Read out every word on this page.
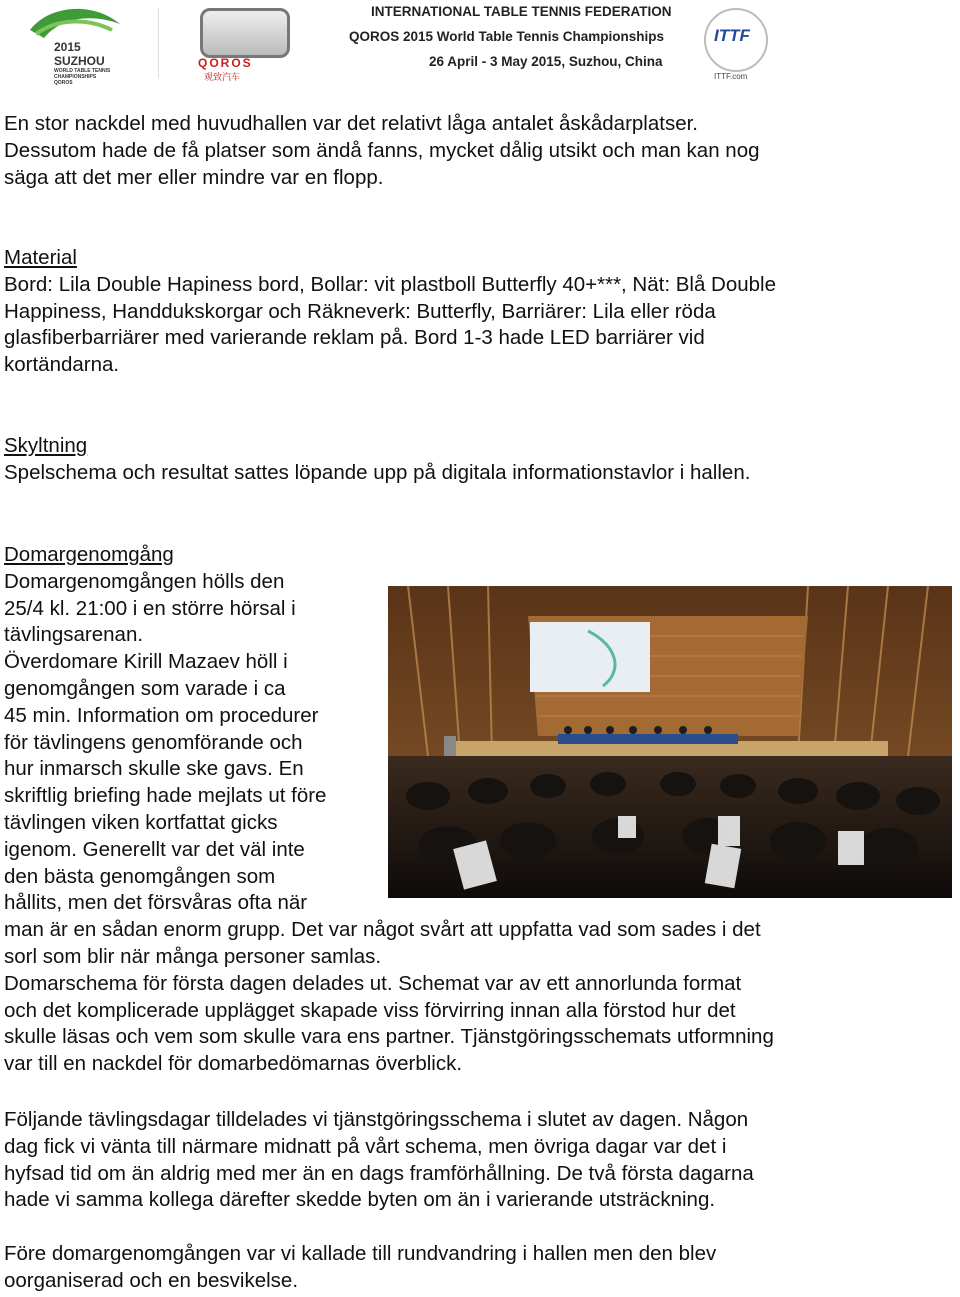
2015
SUZHOU
WORLD TABLE TENNIS
CHAMPIONSHIPS
QOROS
QOROS
观致汽车
INTERNATIONAL TABLE TENNIS FEDERATION
QOROS 2015 World Table Tennis Championships
26 April - 3 May 2015, Suzhou, China
ITTF
ITTF.com
En stor nackdel med huvudhallen var det relativt låga antalet åskådarplatser.
Dessutom hade de få platser som ändå fanns, mycket dålig utsikt och man kan nog
säga att det mer eller mindre var en flopp.
Material
Bord: Lila Double Hapiness bord, Bollar: vit plastboll Butterfly 40+***, Nät: Blå Double
Happiness, Handdukskorgar och Räkneverk: Butterfly, Barriärer: Lila eller röda
glasfiberbarriärer med varierande reklam på. Bord 1-3 hade LED barriärer vid
kortändarna.
Skyltning
Spelschema och resultat sattes löpande upp på digitala informationstavlor i hallen.
Domargenomgång
Domargenomgången hölls den
25/4 kl. 21:00 i en större hörsal i
tävlingsarenan.
Överdomare Kirill Mazaev höll i
genomgången som varade i ca
45 min. Information om procedurer
för tävlingens genomförande och
hur inmarsch skulle ske gavs. En
skriftlig briefing hade mejlats ut före
tävlingen viken kortfattat gicks
igenom. Generellt var det väl inte
den bästa genomgången som
hållits, men det försvåras ofta när
man är en sådan enorm grupp. Det var något svårt att uppfatta vad som sades i det
sorl som blir när många personer samlas.
Domarschema för första dagen delades ut. Schemat var av ett annorlunda format
och det komplicerade upplägget skapade viss förvirring innan alla förstod hur det
skulle läsas och vem som skulle vara ens partner. Tjänstgöringsschemats utformning
var till en nackdel för domarbedömarnas överblick.
Följande tävlingsdagar tilldelades vi tjänstgöringsschema i slutet av dagen. Någon
dag fick vi vänta till närmare midnatt på vårt schema, men övriga dagar var det i
hyfsad tid om än aldrig med mer än en dags framförhållning. De två första dagarna
hade vi samma kollega därefter skedde byten om än i varierande utsträckning.
Före domargenomgången var vi kallade till rundvandring i hallen men den blev
oorganiserad och en besvikelse.
